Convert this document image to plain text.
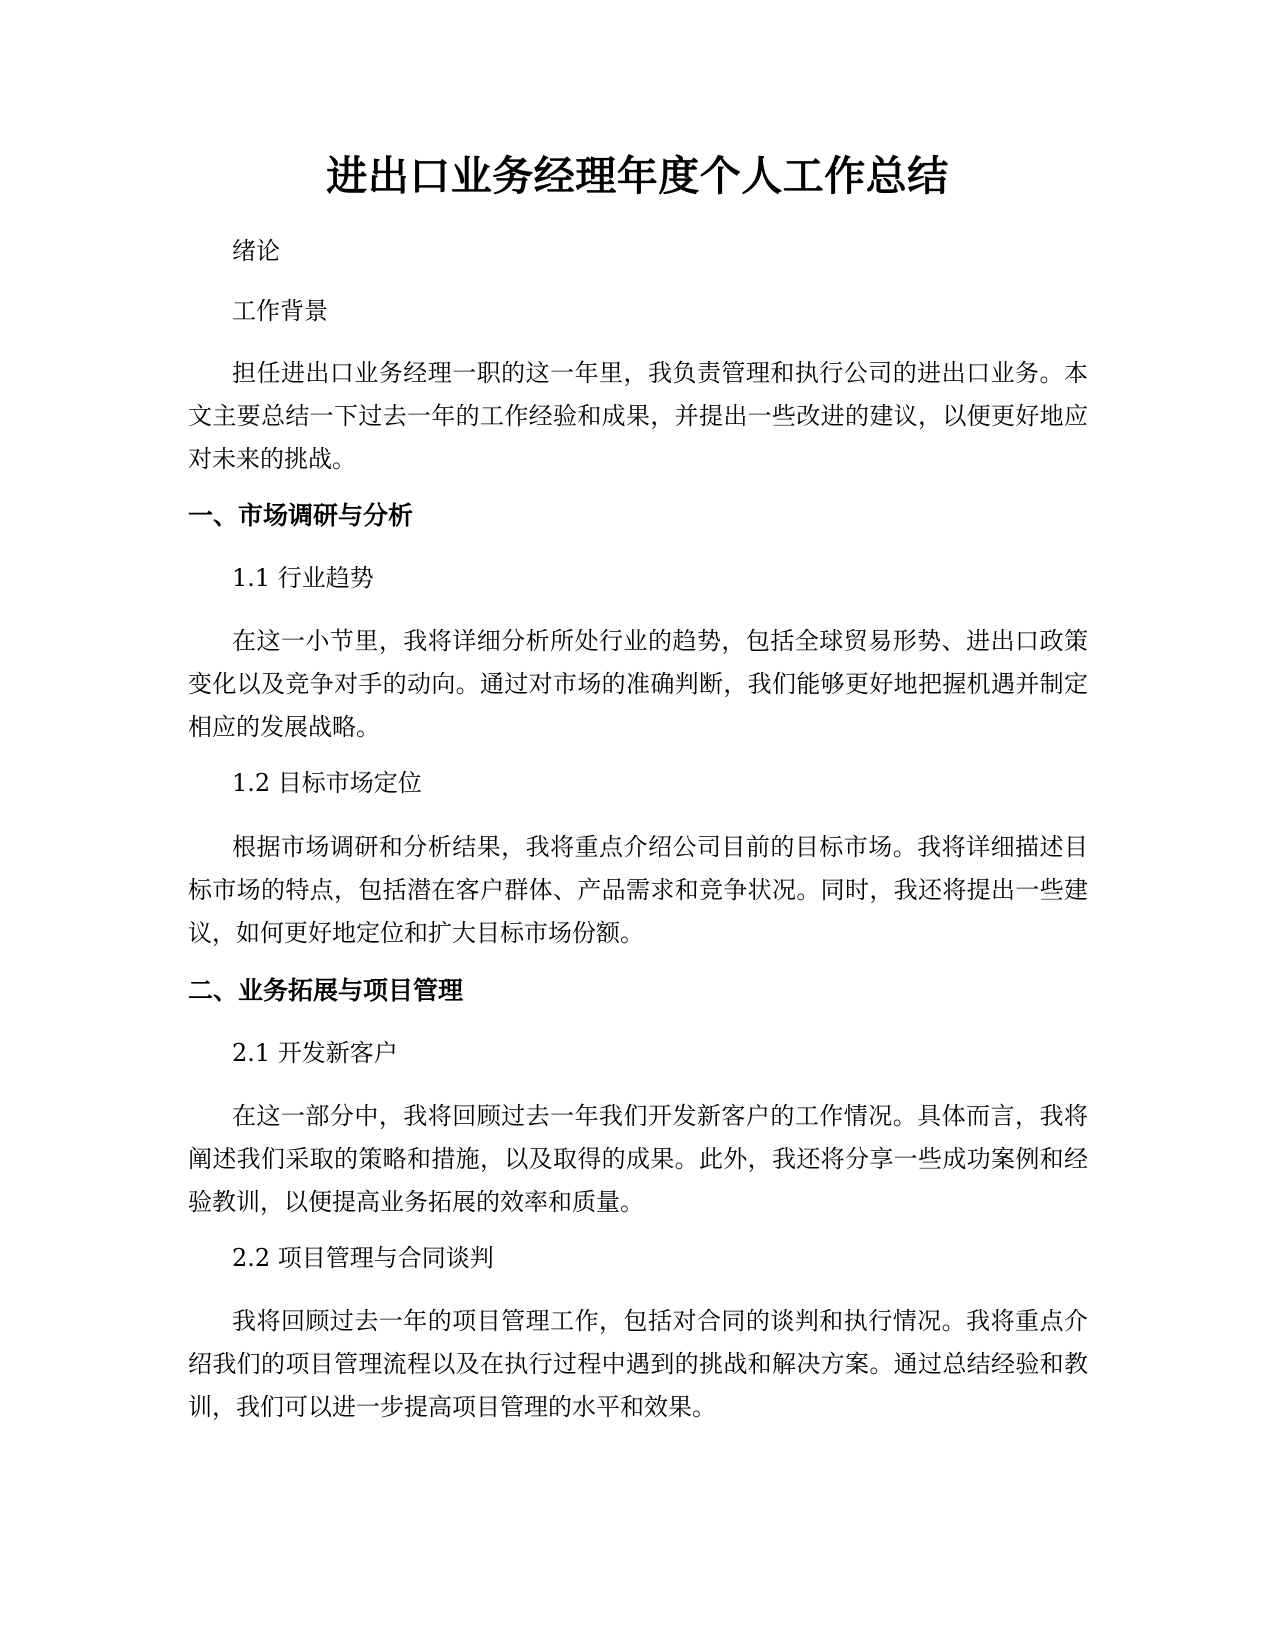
进出口业务经理年度个人工作总结

绪论

工作背景

担任进出口业务经理一职的这一年里，我负责管理和执行公司的进出口业务。本文主要总结一下过去一年的工作经验和成果，并提出一些改进的建议，以便更好地应对未来的挑战。

一、市场调研与分析

1.1 行业趋势

在这一小节里，我将详细分析所处行业的趋势，包括全球贸易形势、进出口政策变化以及竞争对手的动向。通过对市场的准确判断，我们能够更好地把握机遇并制定相应的发展战略。

1.2 目标市场定位

根据市场调研和分析结果，我将重点介绍公司目前的目标市场。我将详细描述目标市场的特点，包括潜在客户群体、产品需求和竞争状况。同时，我还将提出一些建议，如何更好地定位和扩大目标市场份额。

二、业务拓展与项目管理

2.1 开发新客户

在这一部分中，我将回顾过去一年我们开发新客户的工作情况。具体而言，我将阐述我们采取的策略和措施，以及取得的成果。此外，我还将分享一些成功案例和经验教训，以便提高业务拓展的效率和质量。

2.2 项目管理与合同谈判

我将回顾过去一年的项目管理工作，包括对合同的谈判和执行情况。我将重点介绍我们的项目管理流程以及在执行过程中遇到的挑战和解决方案。通过总结经验和教训，我们可以进一步提高项目管理的水平和效果。
